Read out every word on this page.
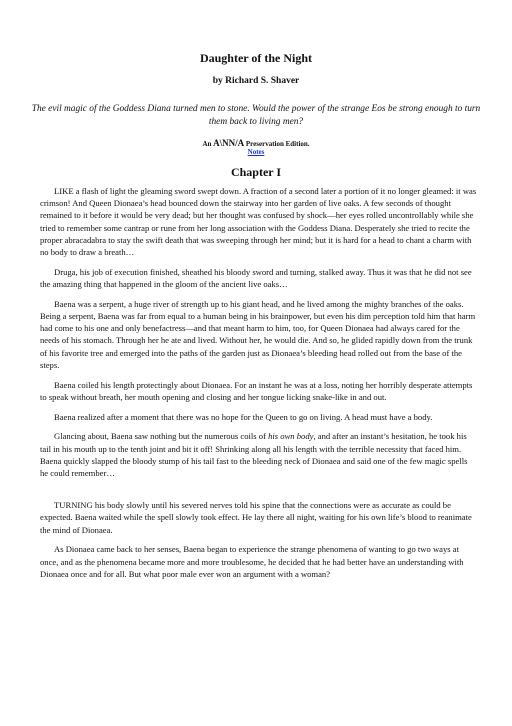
Daughter of the Night
by Richard S. Shaver
The evil magic of the Goddess Diana turned men to stone. Would the power of the strange Eos be strong enough to turn them back to living men?
An A\NN/A Preservation Edition.
Notes
Chapter I

LIKE a flash of light the gleaming sword swept down. A fraction of a second later a portion of it no longer gleamed: it was crimson! And Queen Dionaea’s head bounced down the stairway into her garden of live oaks. A few seconds of thought remained to it before it would be very dead; but her thought was confused by shock—her eyes rolled uncontrollably while she tried to remember some cantrap or rune from her long association with the Goddess Diana. Desperately she tried to recite the proper abracadabra to stay the swift death that was sweeping through her mind; but it is hard for a head to chant a charm with no body to draw a breath…

Druga, his job of execution finished, sheathed his bloody sword and turning, stalked away. Thus it was that he did not see the amazing thing that happened in the gloom of the ancient live oaks…

Baena was a serpent, a huge river of strength up to his giant head, and he lived among the mighty branches of the oaks. Being a serpent, Baena was far from equal to a human being in his brainpower, but even his dim perception told him that harm had come to his one and only benefactress—and that meant harm to him, too, for Queen Dionaea had always cared for the needs of his stomach. Through her he ate and lived. Without her, he would die. And so, he glided rapidly down from the trunk of his favorite tree and emerged into the paths of the garden just as Dionaea’s bleeding head rolled out from the base of the steps.

Baena coiled his length protectingly about Dionaea. For an instant he was at a loss, noting her horribly desperate attempts to speak without breath, her mouth opening and closing and her tongue licking snake-like in and out.

Baena realized after a moment that there was no hope for the Queen to go on living. A head must have a body.

Glancing about, Baena saw nothing but the numerous coils of his own body, and after an instant’s hesitation, he took his tail in his mouth up to the tenth joint and bit it off! Shrinking along all his length with the terrible necessity that faced him. Baena quickly slapped the bloody stump of his tail fast to the bleeding neck of Dionaea and said one of the few magic spells he could remember…

TURNING his body slowly until his severed nerves told his spine that the connections were as accurate as could be expected. Baena waited while the spell slowly took effect. He lay there all night, waiting for his own life’s blood to reanimate the mind of Dionaea.

As Dionaea came back to her senses, Baena began to experience the strange phenomena of wanting to go two ways at once, and as the phenomena became more and more troublesome, he decided that he had better have an understanding with Dionaea once and for all. But what poor male ever won an argument with a woman?
